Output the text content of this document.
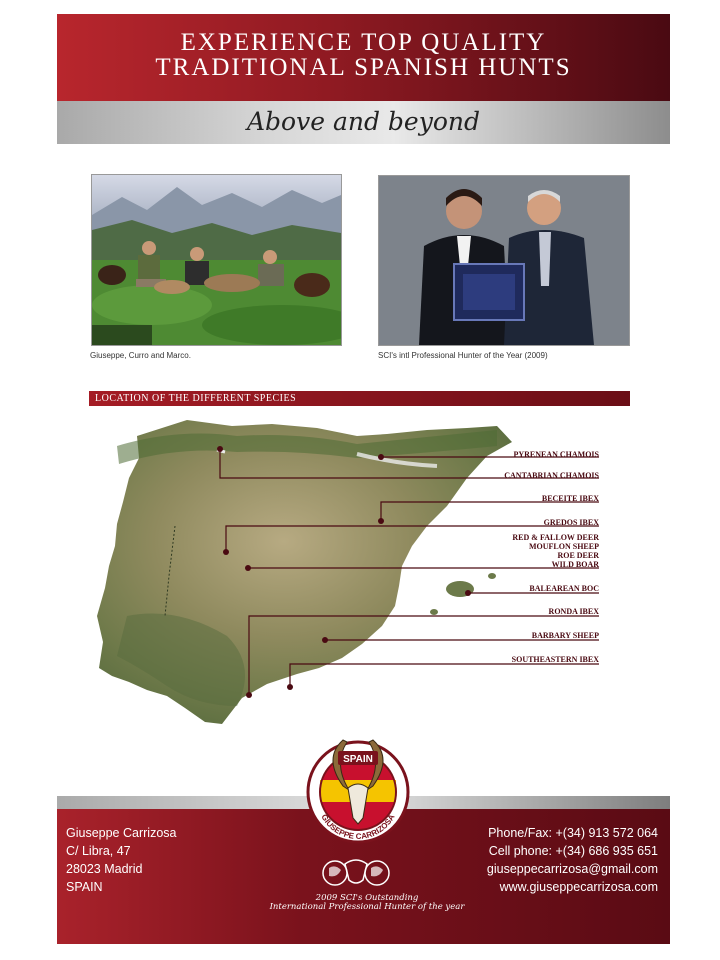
EXPERIENCE TOP QUALITY
TRADITIONAL SPANISH HUNTS
Above and beyond
Giuseppe, Curro and Marco.	SCI's intl Professional Hunter of the Year (2009)
LOCATION OF THE DIFFERENT SPECIES
PYRENEAN CHAMOIS
CANTABRIAN CHAMOIS
BECEITE IBEX
GREDOS IBEX
RED & FALLOW DEER
MOUFLON SHEEP
ROE DEER
WILD BOAR
BALEAREAN BOC
RONDA IBEX
BARBARY SHEEP
SOUTHEASTERN IBEX
Giuseppe Carrizosa
C/ Libra, 47
28023 Madrid
SPAIN
Phone/Fax: +(34) 913 572 064
Cell phone: +(34) 686 935 651
giuseppecarrizosa@gmail.com
www.giuseppecarrizosa.com
2009 SCI's Outstanding
International Professional Hunter of the year
SPAIN
GIUSEPPE CARRIZOSA
